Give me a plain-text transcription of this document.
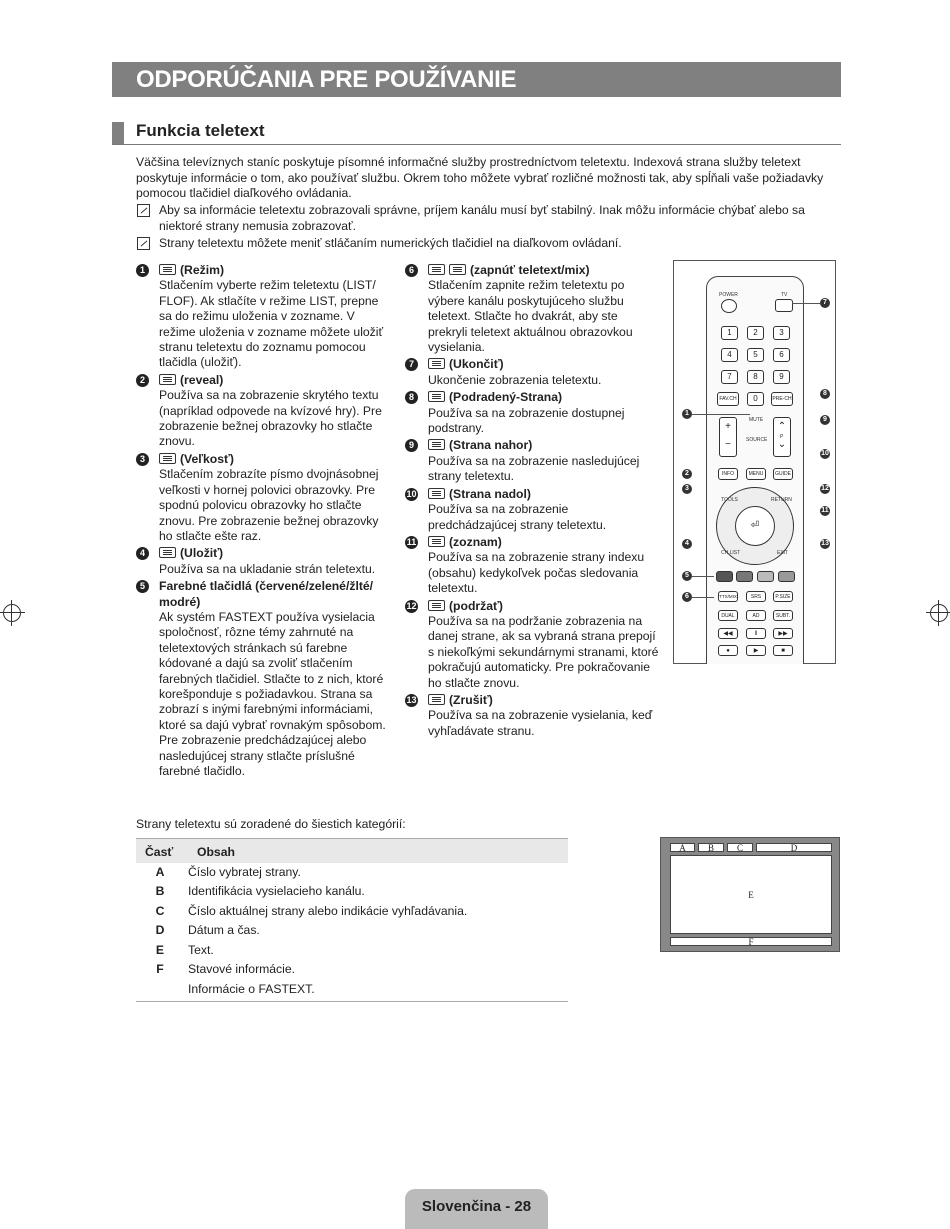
ODPORÚČANIA PRE POUŽÍVANIE
Funkcia teletext
Väčšina televíznych staníc poskytuje písomné informačné služby prostredníctvom teletextu. Indexová strana služby teletext poskytuje informácie o tom, ako používať službu. Okrem toho môžete vybrať rozličné možnosti tak, aby spĺňali vaše požiadavky pomocou tlačidiel diaľkového ovládania.
Aby sa informácie teletextu zobrazovali správne, príjem kanálu musí byť stabilný. Inak môžu informácie chýbať alebo sa niektoré strany nemusia zobrazovať.
Strany teletextu môžete meniť stláčaním numerických tlačidiel na diaľkovom ovládaní.
1	(Režim)
Stlačením vyberte režim teletextu (LIST/ FLOF). Ak stlačíte v režime LIST, prepne sa do režimu uloženia v zozname. V režime uloženia v zozname môžete uložiť stranu teletextu do zoznamu pomocou tlačidla (uložiť).
2	(reveal)
Používa sa na zobrazenie skrytého textu (napríklad odpovede na kvízové hry). Pre zobrazenie bežnej obrazovky ho stlačte znovu.
3	(Veľkosť)
Stlačením zobrazíte písmo dvojnásobnej veľkosti v hornej polovici obrazovky. Pre spodnú polovicu obrazovky ho stlačte znovu. Pre zobrazenie bežnej obrazovky ho stlačte ešte raz.
4	(Uložiť)
Používa sa na ukladanie strán teletextu.
5	Farebné tlačidlá (červené/zelené/žlté/ modré)
Ak systém FASTEXT používa vysielacia spoločnosť, rôzne témy zahrnuté na teletextových stránkach sú farebne kódované a dajú sa zvoliť stlačením farebných tlačidiel. Stlačte to z nich, ktoré korešponduje s požiadavkou. Strana sa zobrazí s inými farebnými informáciami, ktoré sa dajú vybrať rovnakým spôsobom. Pre zobrazenie predchádzajúcej alebo nasledujúcej strany stlačte príslušné farebné tlačidlo.
6	(zapnúť teletext/mix)
Stlačením zapnite režim teletextu po výbere kanálu poskytujúceho službu teletext. Stlačte ho dvakrát, aby ste prekryli teletext aktuálnou obrazovkou vysielania.
7	(Ukončiť)
Ukončenie zobrazenia teletextu.
8	(Podradený-Strana)
Používa sa na zobrazenie dostupnej podstrany.
9	(Strana nahor)
Používa sa na zobrazenie nasledujúcej strany teletextu.
10	(Strana nadol)
Používa sa na zobrazenie predchádzajúcej strany teletextu.
11	(zoznam)
Používa sa na zobrazenie strany indexu (obsahu) kedykoľvek počas sledovania teletextu.
12	(podržať)
Používa sa na podržanie zobrazenia na danej strane, ak sa vybraná strana prepojí s niekoľkými sekundárnymi stranami, ktoré pokračujú automaticky. Pre pokračovanie ho stlačte znovu.
13	(Zrušiť)
Používa sa na zobrazenie vysielania, keď vyhľadávate stranu.
POWER	TV
1	2	3
4	5	6
7	8	9
FAV.CH	0	PRE-CH
MUTE
+
−
⌃
⌄
P
SOURCE
INFO	MENU	GUIDE
⏎
TOOLS	RETURN
CH LIST	EXIT
TTX/MIX	SRS	P.SIZE
DUAL	AD	SUBT.
◀◀	ll	▶▶
●	▶	■
7
8
1
9
10
2
3	12
11
4	13
5
6
Strany teletextu sú zoradené do šiestich kategórií:
Časť	Obsah
A	Číslo vybratej strany.
B	Identifikácia vysielacieho kanálu.
C	Číslo aktuálnej strany alebo indikácie vyhľadávania.
D	Dátum a čas.
E	Text.
F	Stavové informácie.
	Informácie o FASTEXT.
A	B	C	D
E
F
Slovenčina - 28
